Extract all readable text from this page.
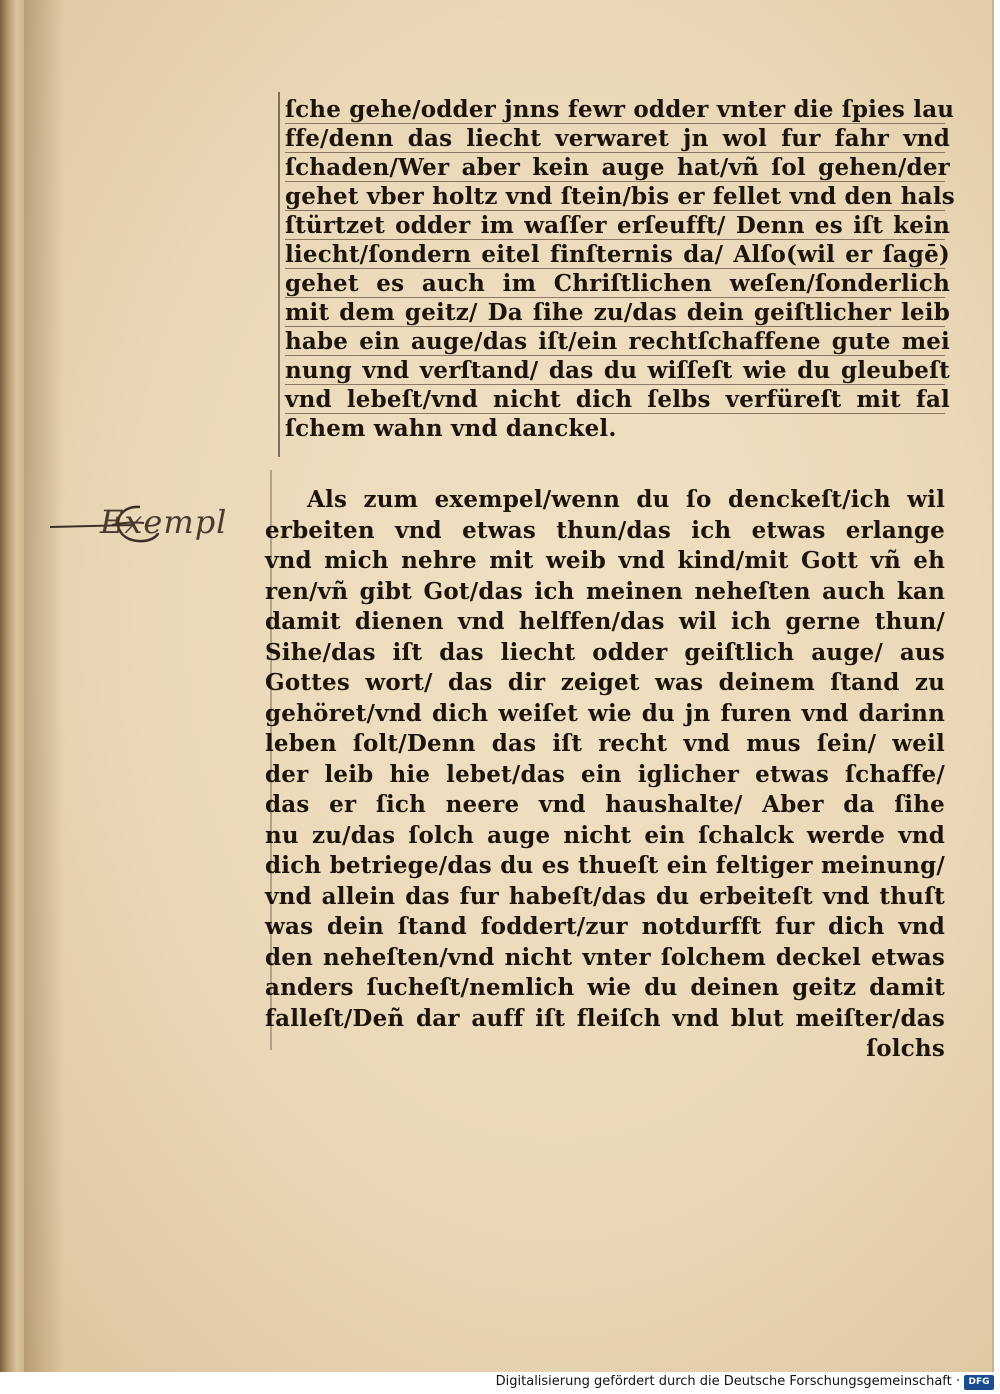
Exempl
ſche gehe/odder jnns fewr odder vnter die ſpies lau
ffe/denn das liecht verwaret jn wol fur fahr vnd
ſchaden/Wer aber kein auge hat/vñ ſol gehen/der
gehet vber holtz vnd ſtein/bis er fellet vnd den hals
ſtürtzet odder im waſſer erſeufft/ Denn es iſt kein
liecht/ſondern eitel finſternis da/ Alſo(wil er ſagē)
gehet es auch im Chriſtlichen weſen/ſonderlich
mit dem geitz/ Da ſihe zu/das dein geiſtlicher leib
habe ein auge/das iſt/ein rechtſchaffene gute mei
nung vnd verſtand/ das du wiſſeſt wie du gleubeſt
vnd lebeſt/vnd nicht dich ſelbs verfüreſt mit fal
ſchem wahn vnd danckel.
Als zum exempel/wenn du ſo denckeſt/ich wil
erbeiten vnd etwas thun/das ich etwas erlange
vnd mich nehre mit weib vnd kind/mit Gott vñ eh
ren/vñ gibt Got/das ich meinen neheſten auch kan
damit dienen vnd helffen/das wil ich gerne thun/
Sihe/das iſt das liecht odder geiſtlich auge/ aus
Gottes wort/ das dir zeiget was deinem ſtand zu
gehöret/vnd dich weiſet wie du jn furen vnd darinn
leben ſolt/Denn das iſt recht vnd mus ſein/ weil
der leib hie lebet/das ein iglicher etwas ſchaffe/
das er ſich neere vnd haushalte/ Aber da ſihe
nu zu/das ſolch auge nicht ein ſchalck werde vnd
dich betriege/das du es thueſt ein feltiger meinung/
vnd allein das fur habeſt/das du erbeiteſt vnd thuſt
was dein ſtand foddert/zur notdurfft fur dich vnd
den neheſten/vnd nicht vnter ſolchem deckel etwas
anders ſucheſt/nemlich wie du deinen geitz damit
falleſt/Deñ dar auff iſt fleiſch vnd blut meiſter/das
ſolchs
Digitalisierung gefördert durch die Deutsche Forschungsgemeinschaft · DFG
